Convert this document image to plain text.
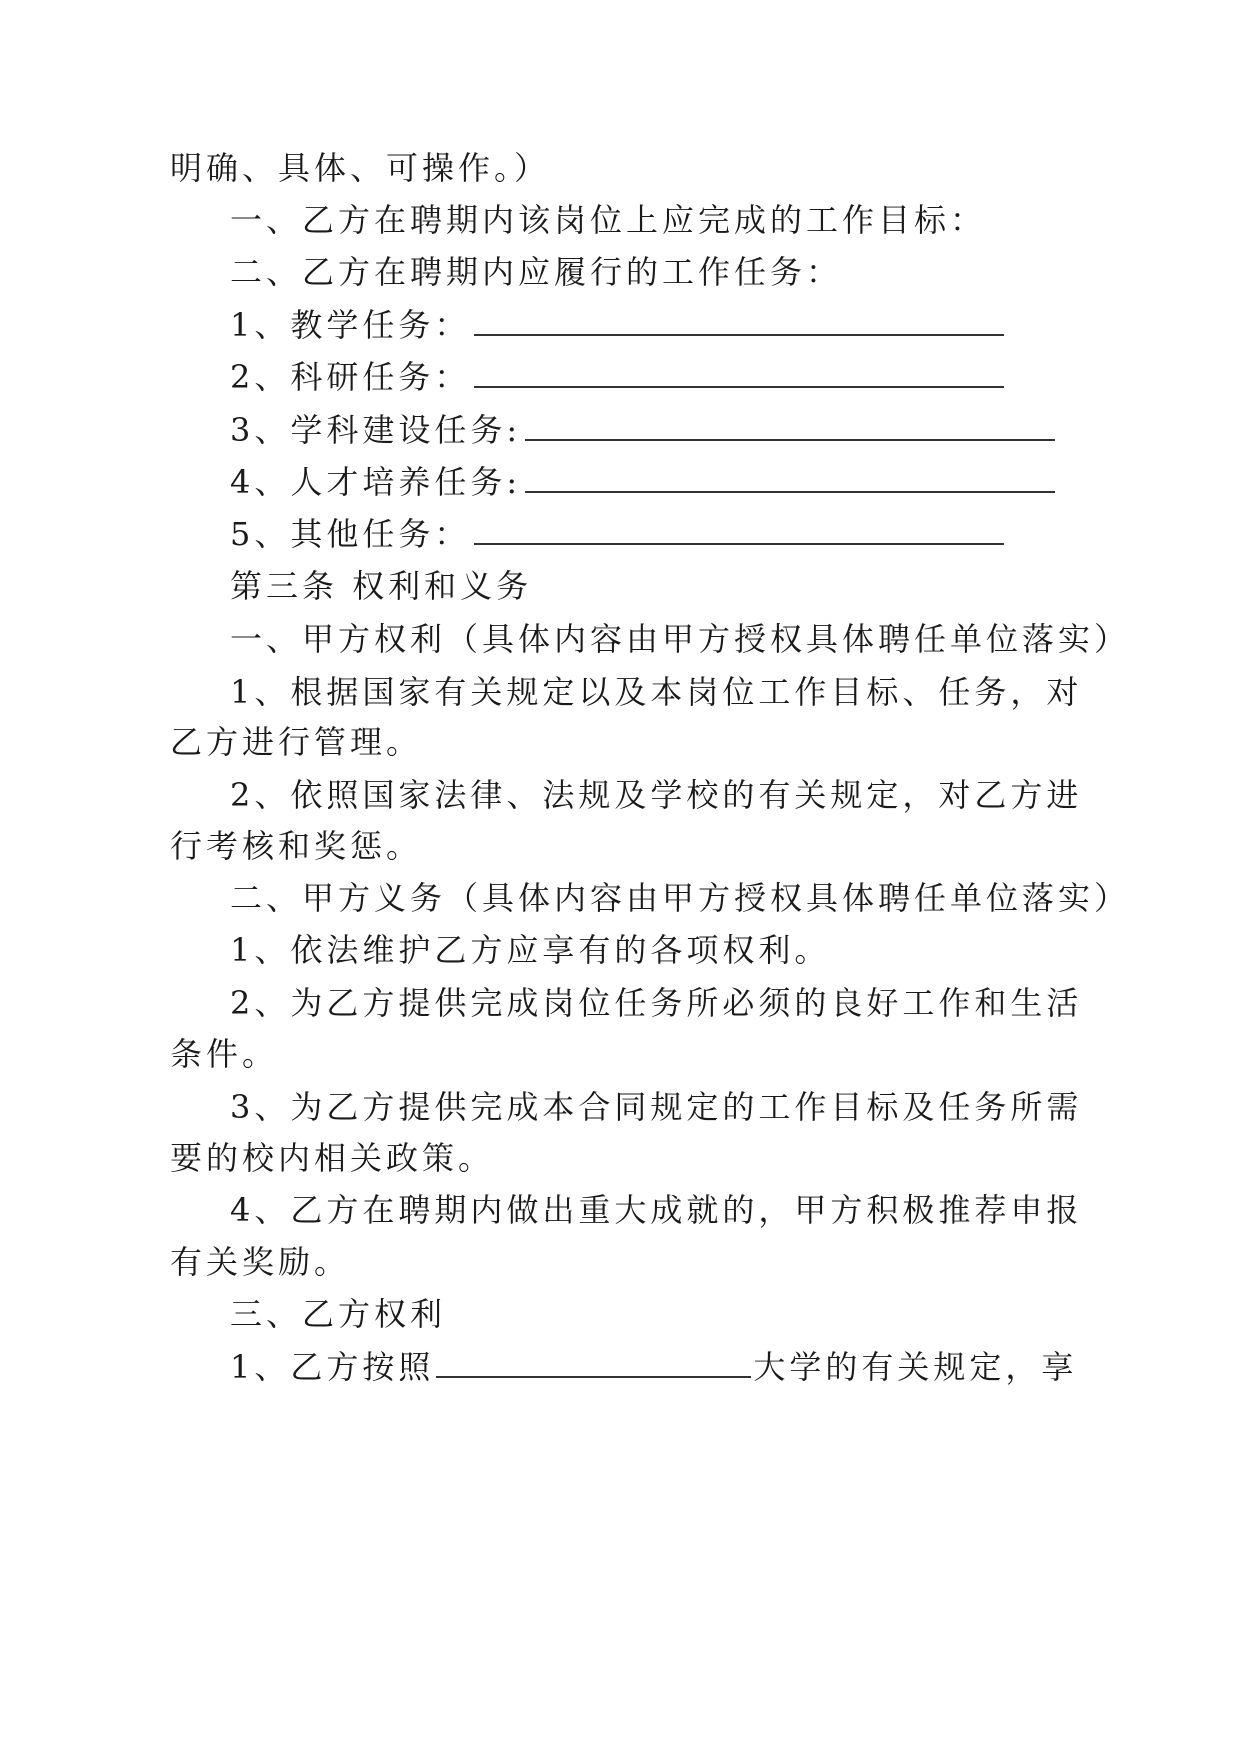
明确、具体、可操作。）
一、乙方在聘期内该岗位上应完成的工作目标：
二、乙方在聘期内应履行的工作任务：
1、教学任务：
2、科研任务：
3、学科建设任务:
4、人才培养任务:
5、其他任务：
第三条 权利和义务
一、甲方权利（具体内容由甲方授权具体聘任单位落实）
1、根据国家有关规定以及本岗位工作目标、任务，对
乙方进行管理。
2、依照国家法律、法规及学校的有关规定，对乙方进
行考核和奖惩。
二、甲方义务（具体内容由甲方授权具体聘任单位落实）
1、依法维护乙方应享有的各项权利。
2、为乙方提供完成岗位任务所必须的良好工作和生活
条件。
3、为乙方提供完成本合同规定的工作目标及任务所需
要的校内相关政策。
4、乙方在聘期内做出重大成就的，甲方积极推荐申报
有关奖励。
三、乙方权利
1、乙方按照	大学的有关规定，享
